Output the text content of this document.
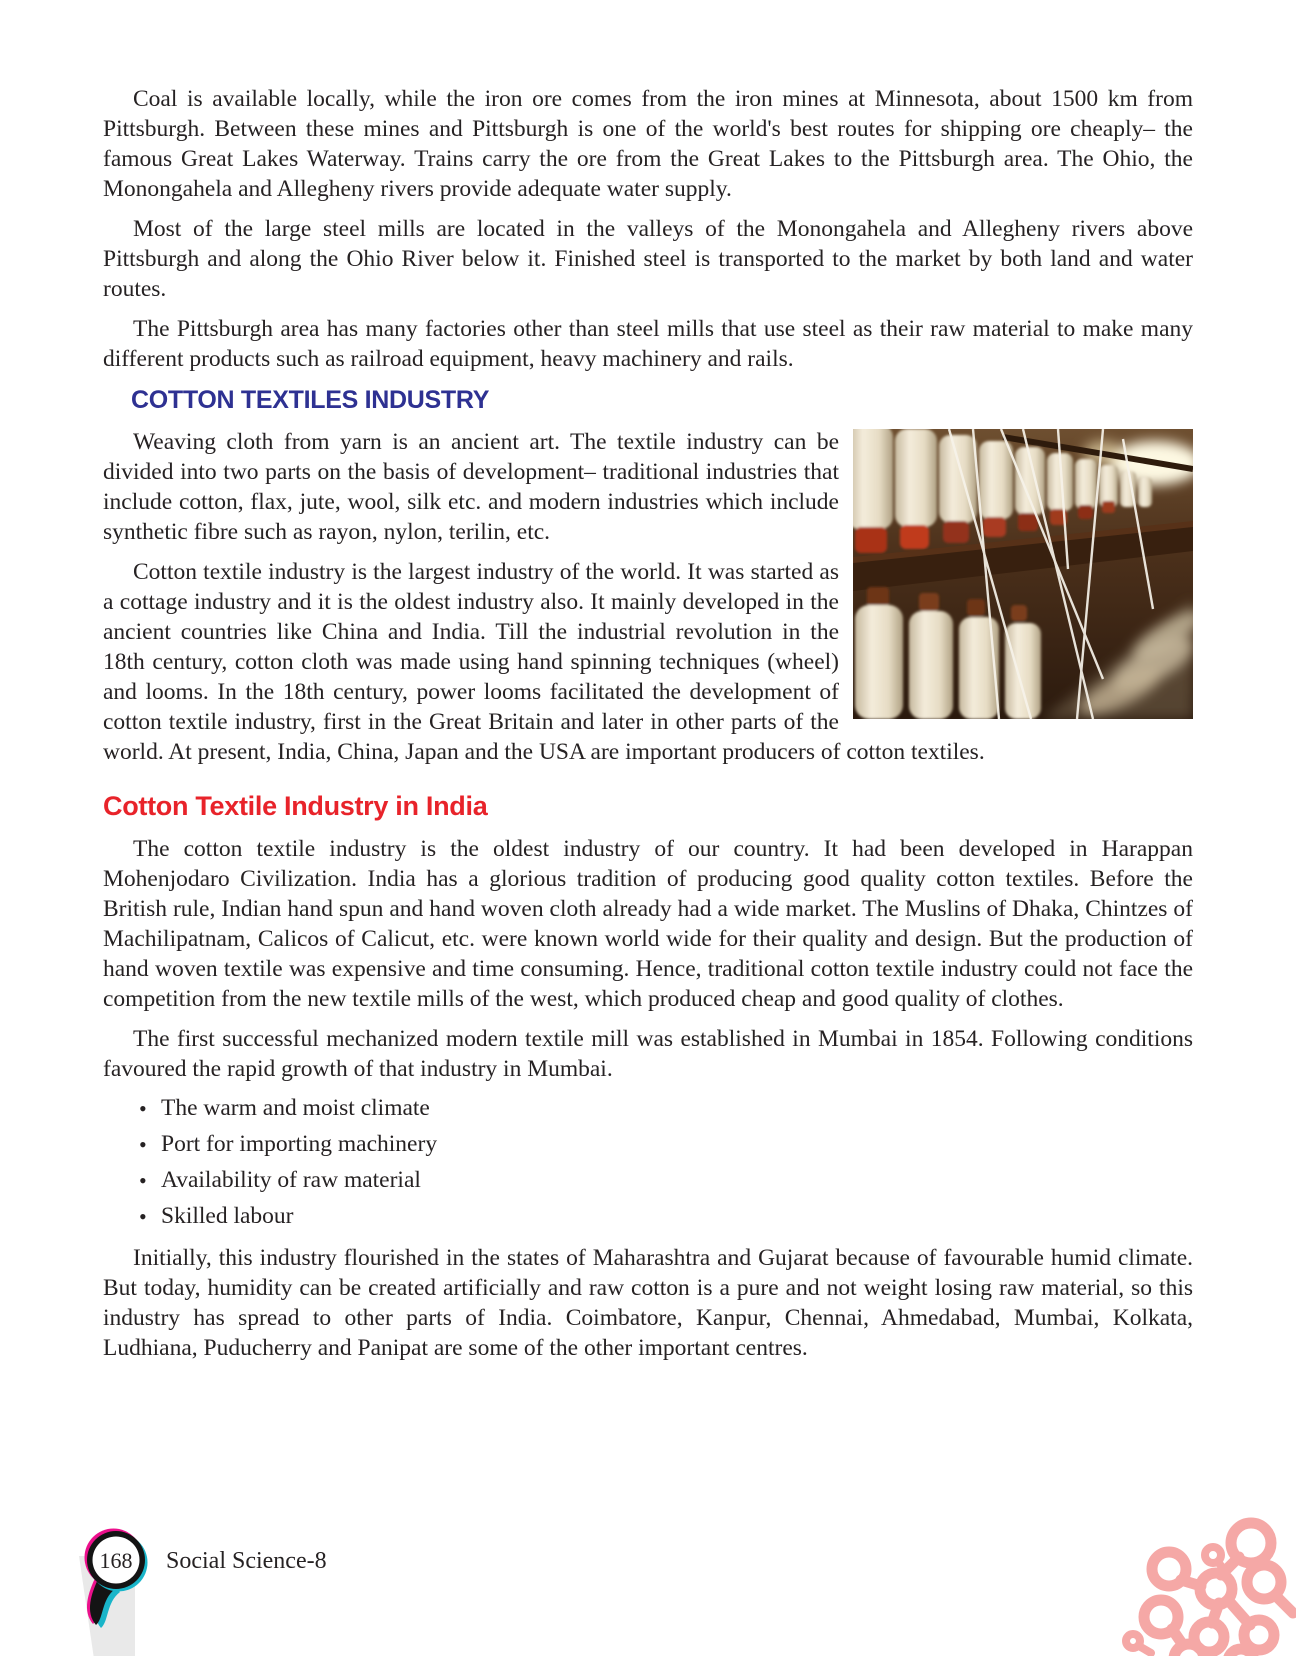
Coal is available locally, while the iron ore comes from the iron mines at Minnesota, about 1500 km from Pittsburgh. Between these mines and Pittsburgh is one of the world's best routes for shipping ore cheaply– the famous Great Lakes Waterway. Trains carry the ore from the Great Lakes to the Pittsburgh area. The Ohio, the Monongahela and Allegheny rivers provide adequate water supply.

Most of the large steel mills are located in the valleys of the Monongahela and Allegheny rivers above Pittsburgh and along the Ohio River below it. Finished steel is transported to the market by both land and water routes.

The Pittsburgh area has many factories other than steel mills that use steel as their raw material to make many different products such as railroad equipment, heavy machinery and rails.

COTTON TEXTILES INDUSTRY

Weaving cloth from yarn is an ancient art. The textile industry can be divided into two parts on the basis of development– traditional industries that include cotton, flax, jute, wool, silk etc. and modern industries which include synthetic fibre such as rayon, nylon, terilin, etc.

Cotton textile industry is the largest industry of the world. It was started as a cottage industry and it is the oldest industry also. It mainly developed in the ancient countries like China and India. Till the industrial revolution in the 18th century, cotton cloth was made using hand spinning techniques (wheel) and looms. In the 18th century, power looms facilitated the development of cotton textile industry, first in the Great Britain and later in other parts of the world. At present, India, China, Japan and the USA are important producers of cotton textiles.

Cotton Textile Industry in India

The cotton textile industry is the oldest industry of our country. It had been developed in Harappan Mohenjodaro Civilization. India has a glorious tradition of producing good quality cotton textiles. Before the British rule, Indian hand spun and hand woven cloth already had a wide market. The Muslins of Dhaka, Chintzes of Machilipatnam, Calicos of Calicut, etc. were known world wide for their quality and design. But the production of hand woven textile was expensive and time consuming. Hence, traditional cotton textile industry could not face the competition from the new textile mills of the west, which produced cheap and good quality of clothes.

The first successful mechanized modern textile mill was established in Mumbai in 1854. Following conditions favoured the rapid growth of that industry in Mumbai.

• The warm and moist climate
• Port for importing machinery
• Availability of raw material
• Skilled labour

Initially, this industry flourished in the states of Maharashtra and Gujarat because of favourable humid climate. But today, humidity can be created artificially and raw cotton is a pure and not weight losing raw material, so this industry has spread to other parts of India. Coimbatore, Kanpur, Chennai, Ahmedabad, Mumbai, Kolkata, Ludhiana, Puducherry and Panipat are some of the other important centres.

168 Social Science-8
